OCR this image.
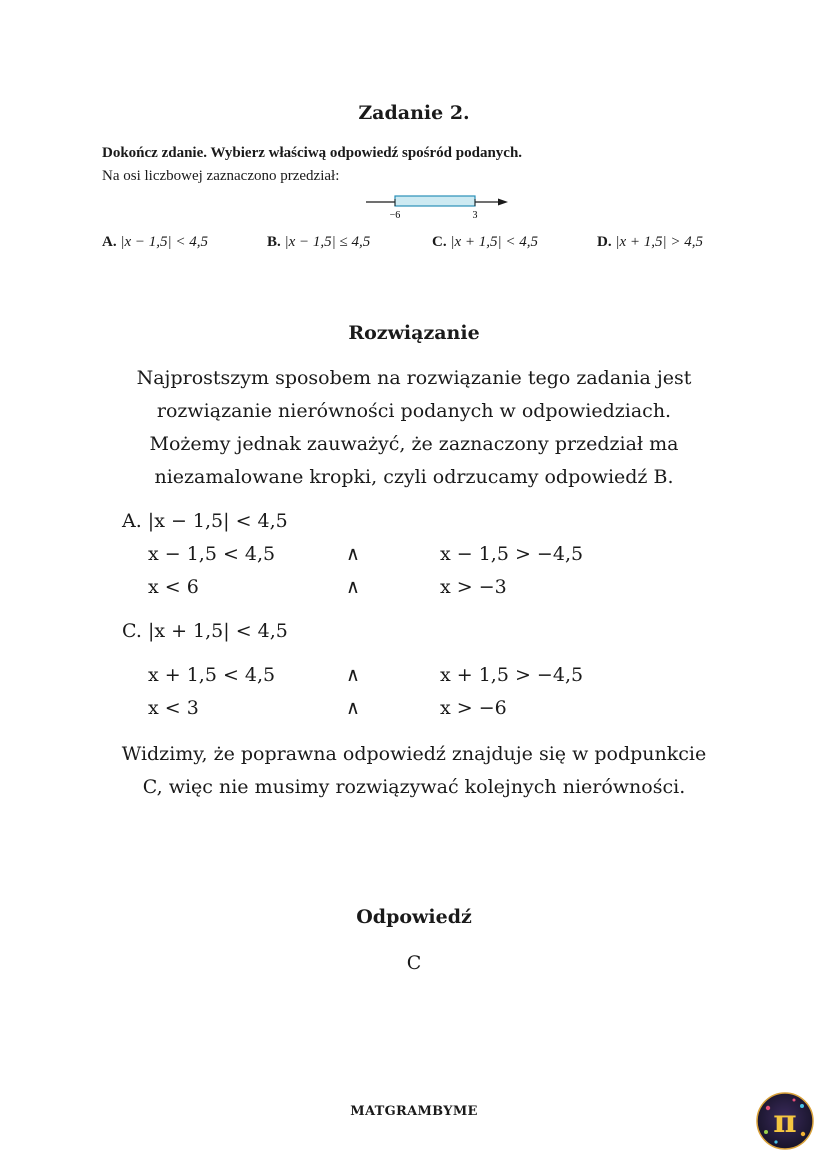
Zadanie 2.
Dokończ zdanie. Wybierz właściwą odpowiedź spośród podanych.
Na osi liczbowej zaznaczono przedział:
−6	3
A. |x − 1,5| < 4,5	B. |x − 1,5| ≤ 4,5	C. |x + 1,5| < 4,5	D. |x + 1,5| > 4,5
Rozwiązanie
Najprostszym sposobem na rozwiązanie tego zadania jest
rozwiązanie nierówności podanych w odpowiedziach.
Możemy jednak zauważyć, że zaznaczony przedział ma
niezamalowane kropki, czyli odrzucamy odpowiedź B.
A. |x − 1,5| < 4,5
x − 1,5 < 4,5	∧	x − 1,5 > −4,5
x < 6	∧	x > −3
C. |x + 1,5| < 4,5
x + 1,5 < 4,5	∧	x + 1,5 > −4,5
x < 3	∧	x > −6
Widzimy, że poprawna odpowiedź znajduje się w podpunkcie
C, więc nie musimy rozwiązywać kolejnych nierówności.
Odpowiedź
C
MATGRAMBYME	π
